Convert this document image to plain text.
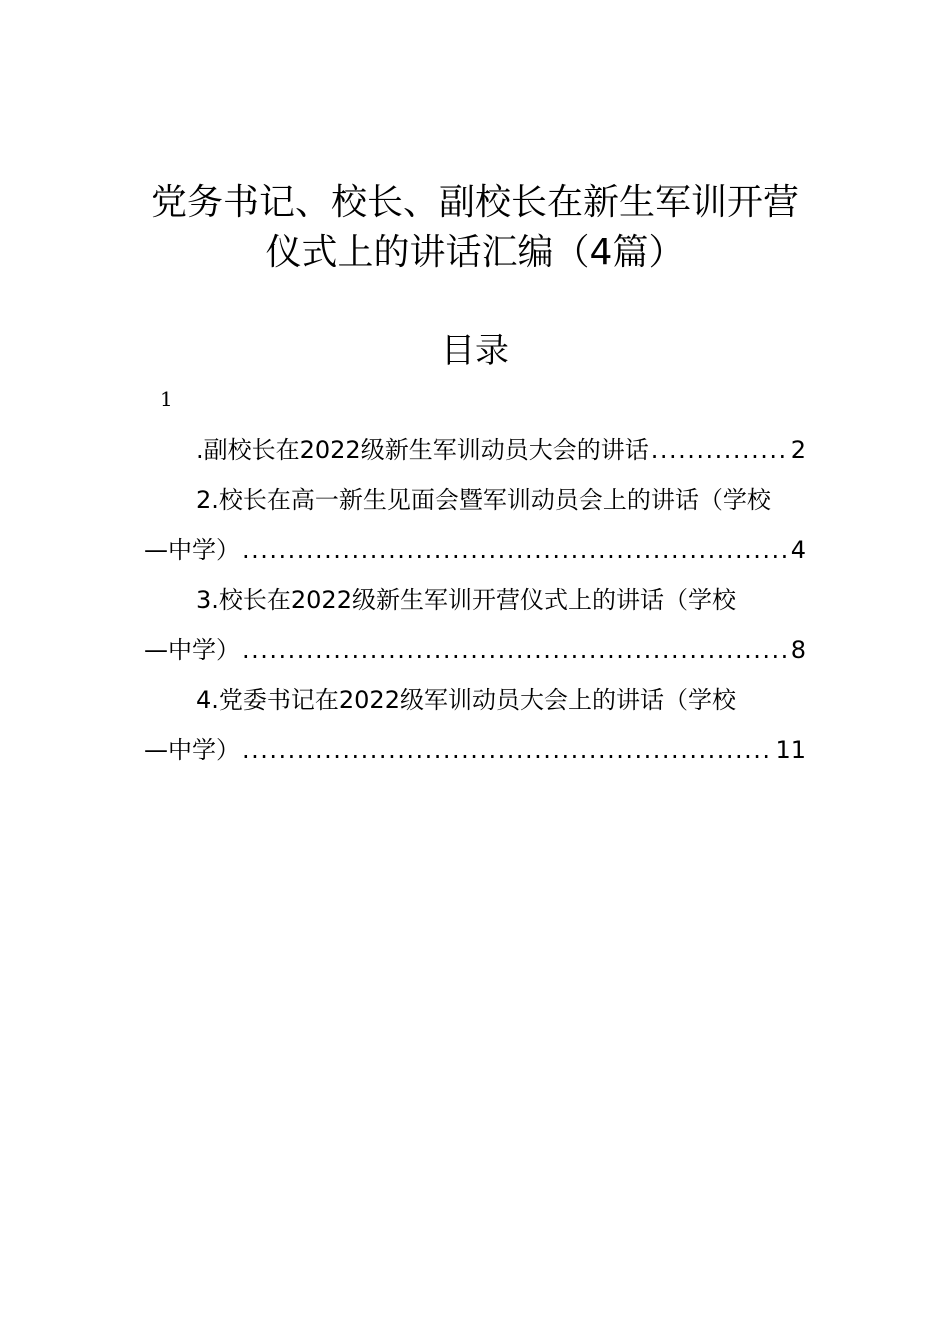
党务书记、校长、副校长在新生军训开营
仪式上的讲话汇编（4篇）
目录
1
.副校长在2022级新生军训动员大会的讲话 .....	2
2.校长在高一新生见面会暨军训动员会上的讲话（学校
—中学） .....	4
3.校长在2022级新生军训开营仪式上的讲话（学校
—中学） .....	8
4.党委书记在2022级军训动员大会上的讲话（学校
—中学） .....	11
